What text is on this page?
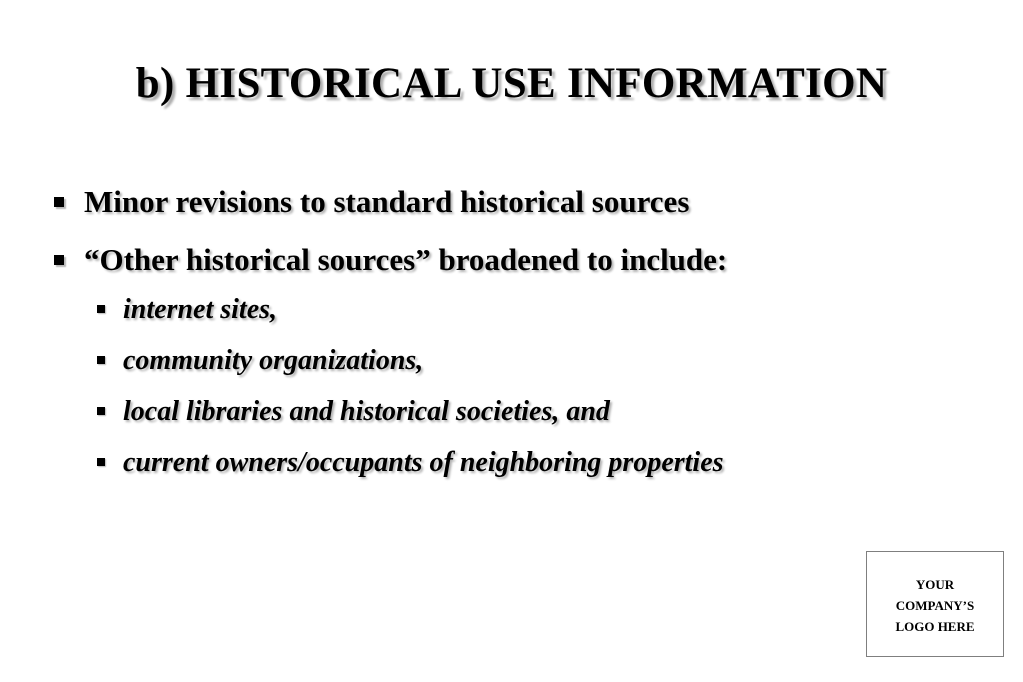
b) HISTORICAL USE INFORMATION
Minor revisions to standard historical sources
“Other historical sources” broadened to include:
internet sites,
community organizations,
local libraries and historical societies, and
current owners/occupants of neighboring properties
YOUR
COMPANY’S
LOGO HERE
